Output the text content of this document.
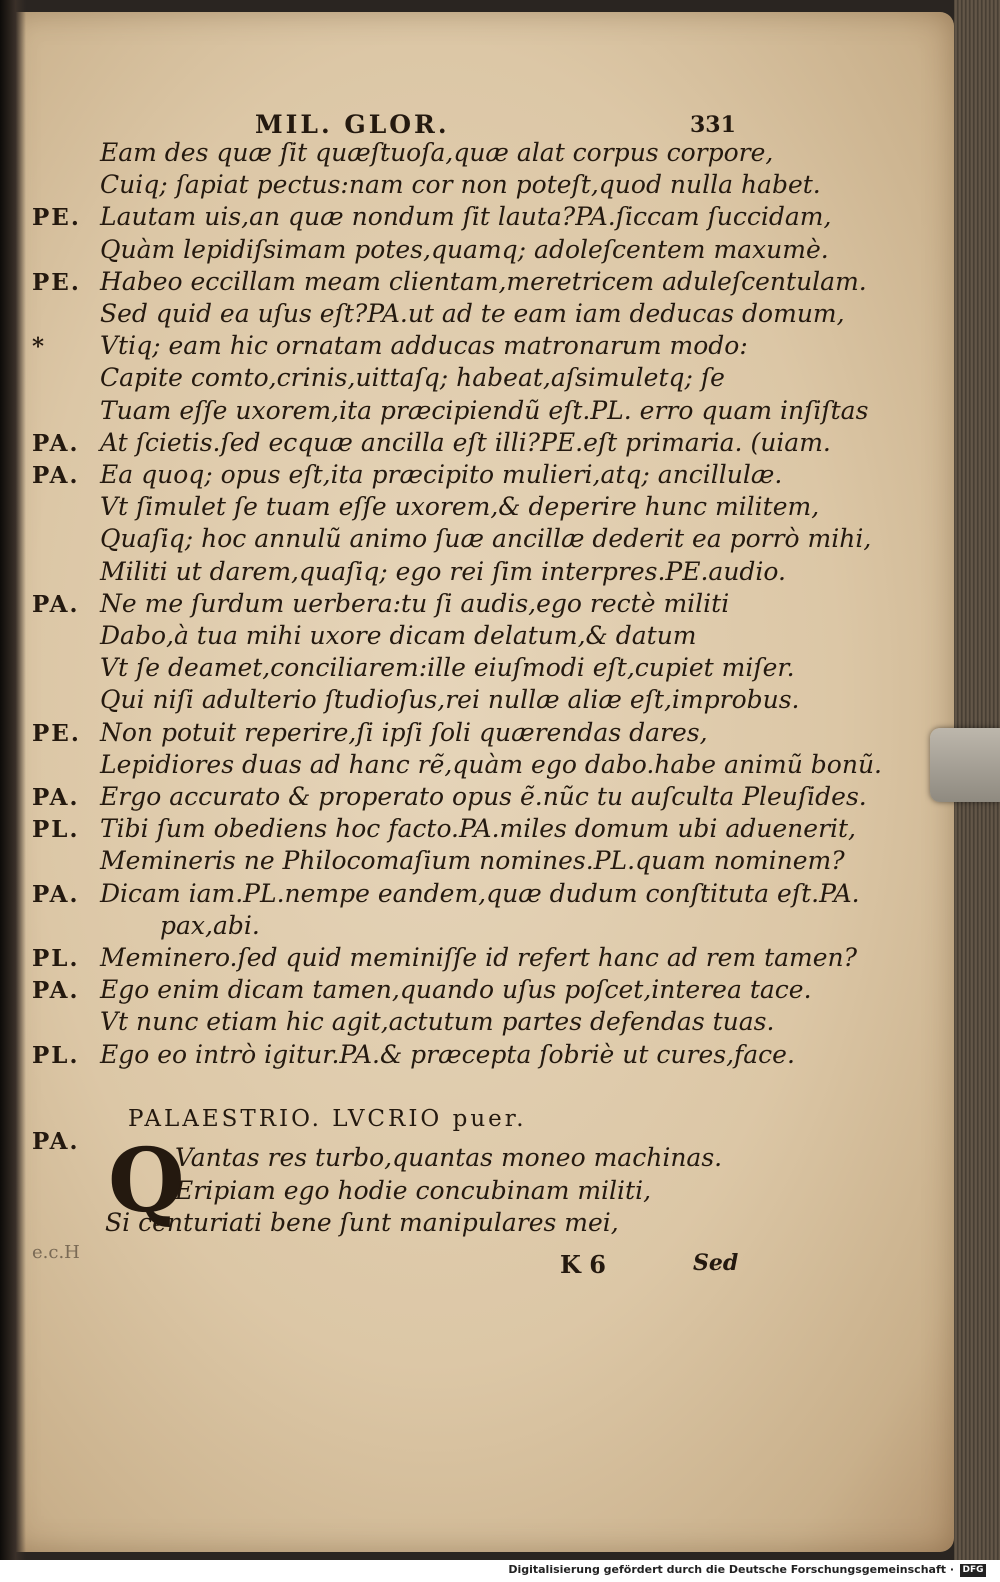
MIL. GLOR.	331
Eam des quæ ſit quæſtuoſa,quæ alat corpus corpore,
Cuiq; ſapiat pectus:nam cor non poteſt,quod nulla habet.
PE. Lautam uis,an quæ nondum ſit lauta?PA.ſiccam ſuccidam,
Quàm lepidiſsimam potes,quamq; adoleſcentem maxumè.
PE. Habeo eccillam meam clientam,meretricem aduleſcentulam.
Sed quid ea uſus eſt?PA.ut ad te eam iam deducas domum,
* Vtiq; eam hic ornatam adducas matronarum modo:
Capite comto,crinis,uittaſq; habeat,aſsimuletq; ſe
Tuam eſſe uxorem,ita præcipiendũ eſt.PL. erro quam inſiſtas
PA. At ſcietis.ſed ecquæ ancilla eſt illi?PE.eſt primaria. (uiam.
PA. Ea quoq; opus eſt,ita præcipito mulieri,atq; ancillulæ.
Vt ſimulet ſe tuam eſſe uxorem,& deperire hunc militem,
Quaſiq; hoc annulũ animo ſuæ ancillæ dederit ea porrò mihi,
Militi ut darem,quaſiq; ego rei ſim interpres.PE.audio.
PA. Ne me ſurdum uerbera:tu ſi audis,ego rectè militi
Dabo,à tua mihi uxore dicam delatum,& datum
Vt ſe deamet,conciliarem:ille eiuſmodi eſt,cupiet miſer.
Qui niſi adulterio ſtudioſus,rei nullæ aliæ eſt,improbus.
PE. Non potuit reperire,ſi ipſi ſoli quærendas dares,
Lepidiores duas ad hanc rẽ,quàm ego dabo.habe animũ bonũ.
PA. Ergo accurato & properato opus ẽ.nũc tu auſculta Pleuſides.
PL. Tibi ſum obediens hoc facto.PA.miles domum ubi aduenerit,
Memineris ne Philocomaſium nomines.PL.quam nominem?
PA. Dicam iam.PL.nempe eandem,quæ dudum conſtituta eſt.PA.
pax,abi.
PL. Meminero.ſed quid meminiſſe id refert hanc ad rem tamen?
PA. Ego enim dicam tamen,quando uſus poſcet,interea tace.
Vt nunc etiam hic agit,actutum partes defendas tuas.
PL. Ego eo intrò igitur.PA.& præcepta ſobriè ut cures,face.
PALAESTRIO. LVCRIO puer.
PA. Q
Vantas res turbo,quantas moneo machinas.
Eripiam ego hodie concubinam militi,
Si centuriati bene ſunt manipulares mei,
e.c.H	K 6	Sed
Digitalisierung gefördert durch die Deutsche Forschungsgemeinschaft · DFG
